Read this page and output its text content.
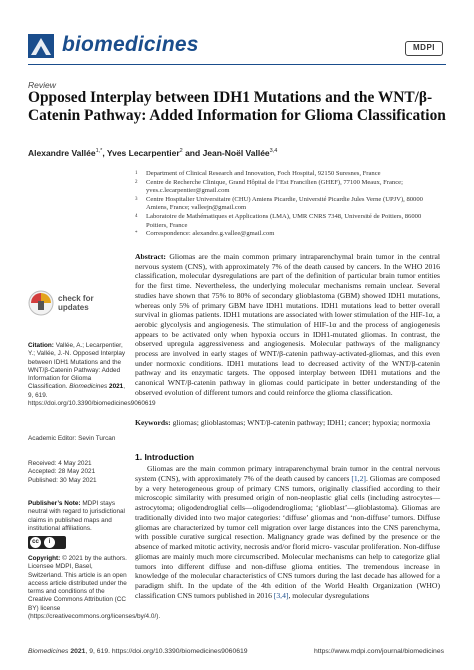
biomedicines	MDPI
Review
Opposed Interplay between IDH1 Mutations and the WNT/β-Catenin Pathway: Added Information for Glioma Classification
Alexandre Vallée$^{1,*}$, Yves Lecarpentier$^2$ and Jean-Noël Vallée$^{3,4}$
1	Department of Clinical Research and Innovation, Foch Hospital, 92150 Suresnes, France
2	Centre de Recherche Clinique, Grand Hôpital de l’Est Francilien (GHEF), 77100 Meaux, France; yves.c.lecarpentier@gmail.com
3	Centre Hospitalier Universitaire (CHU) Amiens Picardie, Université Picardie Jules Verne (UPJV), 80000 Amiens, France; valleejn@gmail.com
4	Laboratoire de Mathématiques et Applications (LMA), UMR CNRS 7348, Université de Poitiers, 86000 Poitiers, France
*	Correspondence: alexandre.g.vallee@gmail.com

Abstract: Gliomas are the main common primary intraparenchymal brain tumor in the central nervous system (CNS), with approximately 7% of the death caused by cancers. In the WHO 2016 classification, molecular dysregulations are part of the definition of particular brain tumor entities for the first time. Nevertheless, the underlying molecular mechanisms remain unclear. Several studies have shown that 75% to 80% of secondary glioblastoma (GBM) showed IDH1 mutations, whereas only 5% of primary GBM have IDH1 mutations. IDH1 mutations lead to better overall survival in gliomas patients. IDH1 mutations are associated with lower stimulation of the HIF-1α, a aerobic glycolysis and angiogenesis. The stimulation of HIF-1α and the process of angiogenesis appears to be activated only when hypoxia occurs in IDH1-mutated gliomas. In contrast, the observed upregula aggressiveness and angiogenesis. Molecular pathways of the malignancy process are involved in early stages of WNT/β-catenin pathway-activated-gliomas, and this even under normoxic conditions. IDH1 mutations lead to decreased activity of the WNT/β-catenin pathway and its enzymatic targets. The opposed interplay between IDH1 mutations and the canonical WNT/β-catenin pathway in gliomas could participate in better understanding of the observed evolution of different tumors and could reinforce the glioma classification.

Keywords: gliomas; glioblastomas; WNT/β-catenin pathway; IDH1; cancer; hypoxia; normoxia

check for
updates
Citation: Vallée, A.; Lecarpentier, Y.; Vallée, J.-N. Opposed Interplay between IDH1 Mutations and the WNT/β-Catenin Pathway: Added Information for Glioma Classification. Biomedicines 2021, 9, 619. https://doi.org/10.3390/biomedicines9060619
Academic Editor: Sevin Turcan
Received: 4 May 2021
Accepted: 28 May 2021
Published: 30 May 2021
Publisher’s Note: MDPI stays neutral with regard to jurisdictional claims in published maps and institutional affiliations.
cc	i
Copyright: © 2021 by the authors. Licensee MDPI, Basel, Switzerland. This article is an open access article distributed under the terms and conditions of the Creative Commons Attribution (CC BY) license (https://creativecommons.org/licenses/by/4.0/).
1. Introduction

Gliomas are the main common primary intraparenchymal brain tumor in the central nervous system (CNS), with approximately 7% of the death caused by cancers [1,2]. Gliomas are composed by a very heterogeneous group of primary CNS tumors, originally classified according to their microscopic similarity with presumed origin of non-neoplastic glial cells (including astrocytes—astrocytoma; oligodendroglial cells—oligodendroglioma; ‘glioblast’—glioblastoma). Gliomas are traditionally divided into two major categories: ‘diffuse’ gliomas and ‘non-diffuse’ tumors. Diffuse gliomas are characterized by tumor cell migration over large distances into the CNS parenchyma, with possible curative surgical resection. Malignancy grade was defined by the presence or the absence of marked mitotic activity, necrosis and/or florid micro- vascular proliferation. Non-diffuse gliomas are mainly much more circumscribed. Molecular mechanisms can help to categorize glial tumors into different diffuse and non-diffuse glioma entities. The tremendous increase in knowledge of the molecular characteristics of CNS tumors during the last decade has allowed for a paradigm shift. In the update of the 4th edition of the World Health Organization (WHO) classification CNS tumors published in 2016 [3,4], molecular dysregulations

Biomedicines 2021, 9, 619. https://doi.org/10.3390/biomedicines9060619	https://www.mdpi.com/journal/biomedicines
